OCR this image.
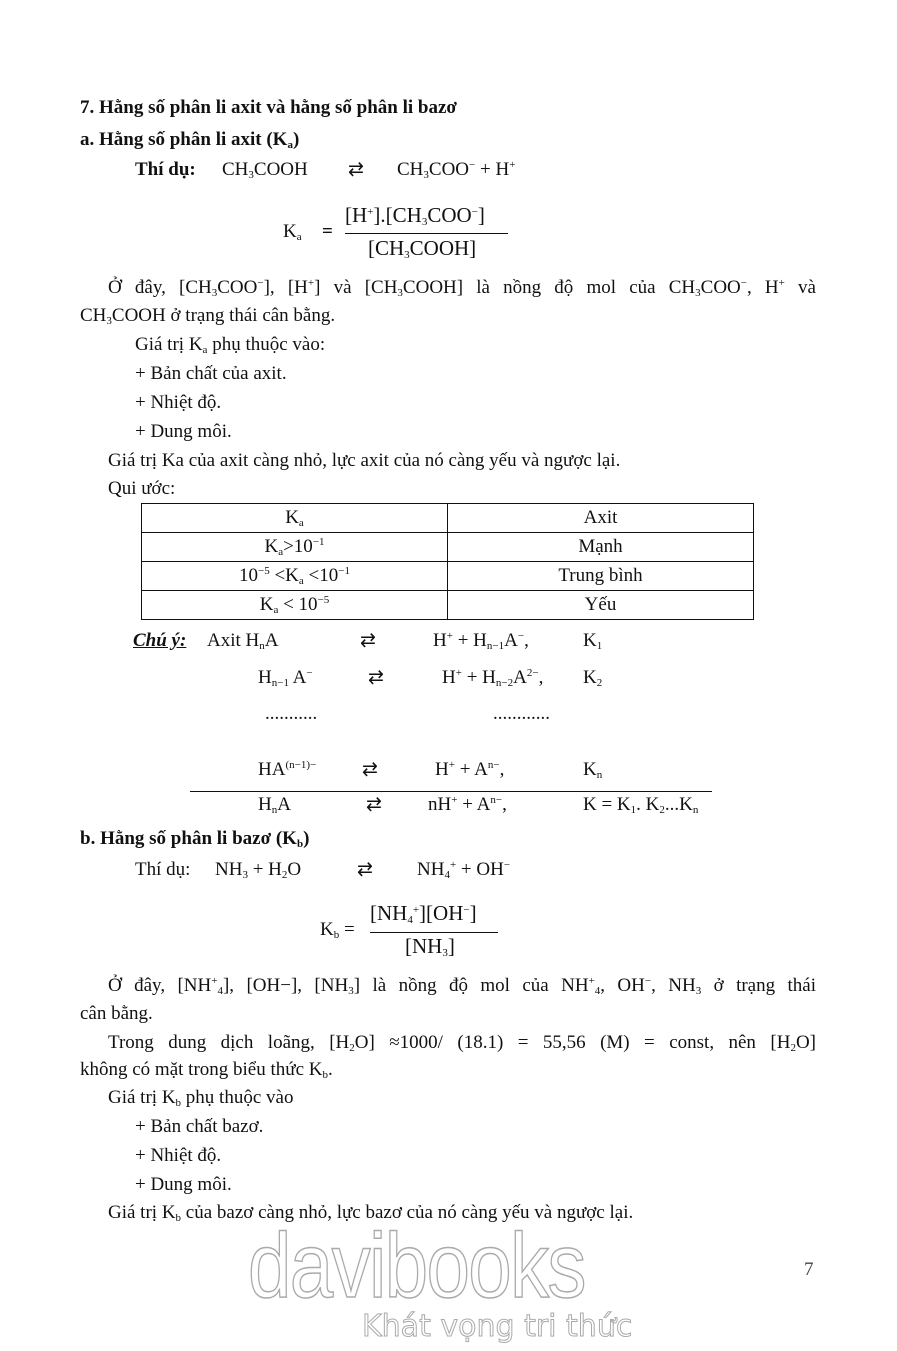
7. Hằng số phân li axit và hằng số phân li bazơ
a. Hằng số phân li axit $(K_a)$
Thí dụ: $CH_3COOH$ ⇄ $CH_3COO^- + H^+$
$K_a$ =
$[H^+].[CH_3COO^-]$
$[CH_3COOH]$
Ở đây, $[CH_3COO^-]$, [H+] và $[CH_3COOH]$ là nồng độ mol của $CH_3COO^-$, H+ và
$CH_3COOH$ ở trạng thái cân bằng.
Giá trị $K_a$ phụ thuộc vào:
+ Bản chất của axit.
+ Nhiệt độ.
+ Dung môi.
Giá trị Ka của axit càng nhỏ, lực axit của nó càng yếu và ngược lại.
Qui ước:
Chú ý: Axit $H_nA$	⇄	$H^+ + H_{n-1}A^-$,	$K_1$
$H_{n-1}$ A−	⇄	$H^+ + H_{n-2}A^{2-}$, $K_2$
...........	............
$HA^{(n-1)-}$ ⇄	$H^+ + A^{n-}$,	$K_n$
$H_nA$	⇄ $nH^+ + A^{n-}$,	$K = K_1$. $K_2...K_n$
b. Hằng số phân li bazơ $(K_b)$
Thí dụ: $NH_3 + H_2O$	⇄ $NH_4^+ + OH^-$
$K_b$ =
$[NH_4^+][OH^-]$
$[NH_3]$
Ở đây, $[NH^+_4]$, [OH−], $[NH_3]$ là nồng độ mol của $NH^+_4$, OH−, $NH_3$ ở trạng thái
cân bằng.
Trong dung dịch loãng, $[H_2O] \approx 1000/$ (18.1) = 55,56 (M) = const, nên $[H_2O]$
không có mặt trong biểu thức $K_b$.
Giá trị $K_b$ phụ thuộc vào
+ Bản chất bazơ.
+ Nhiệt độ.
+ Dung môi.
Giá trị $K_b$ của bazơ càng nhỏ, lực bazơ của nó càng yếu và ngược lại.
$K_a$	Axit
$K_a>10^{-1}$	Mạnh
$10^{-5} <K_a <10^{-1}$	Trung bình
$K_a < 10^{-5}$	Yếu
7
davibooks
Khát vọng tri thức
